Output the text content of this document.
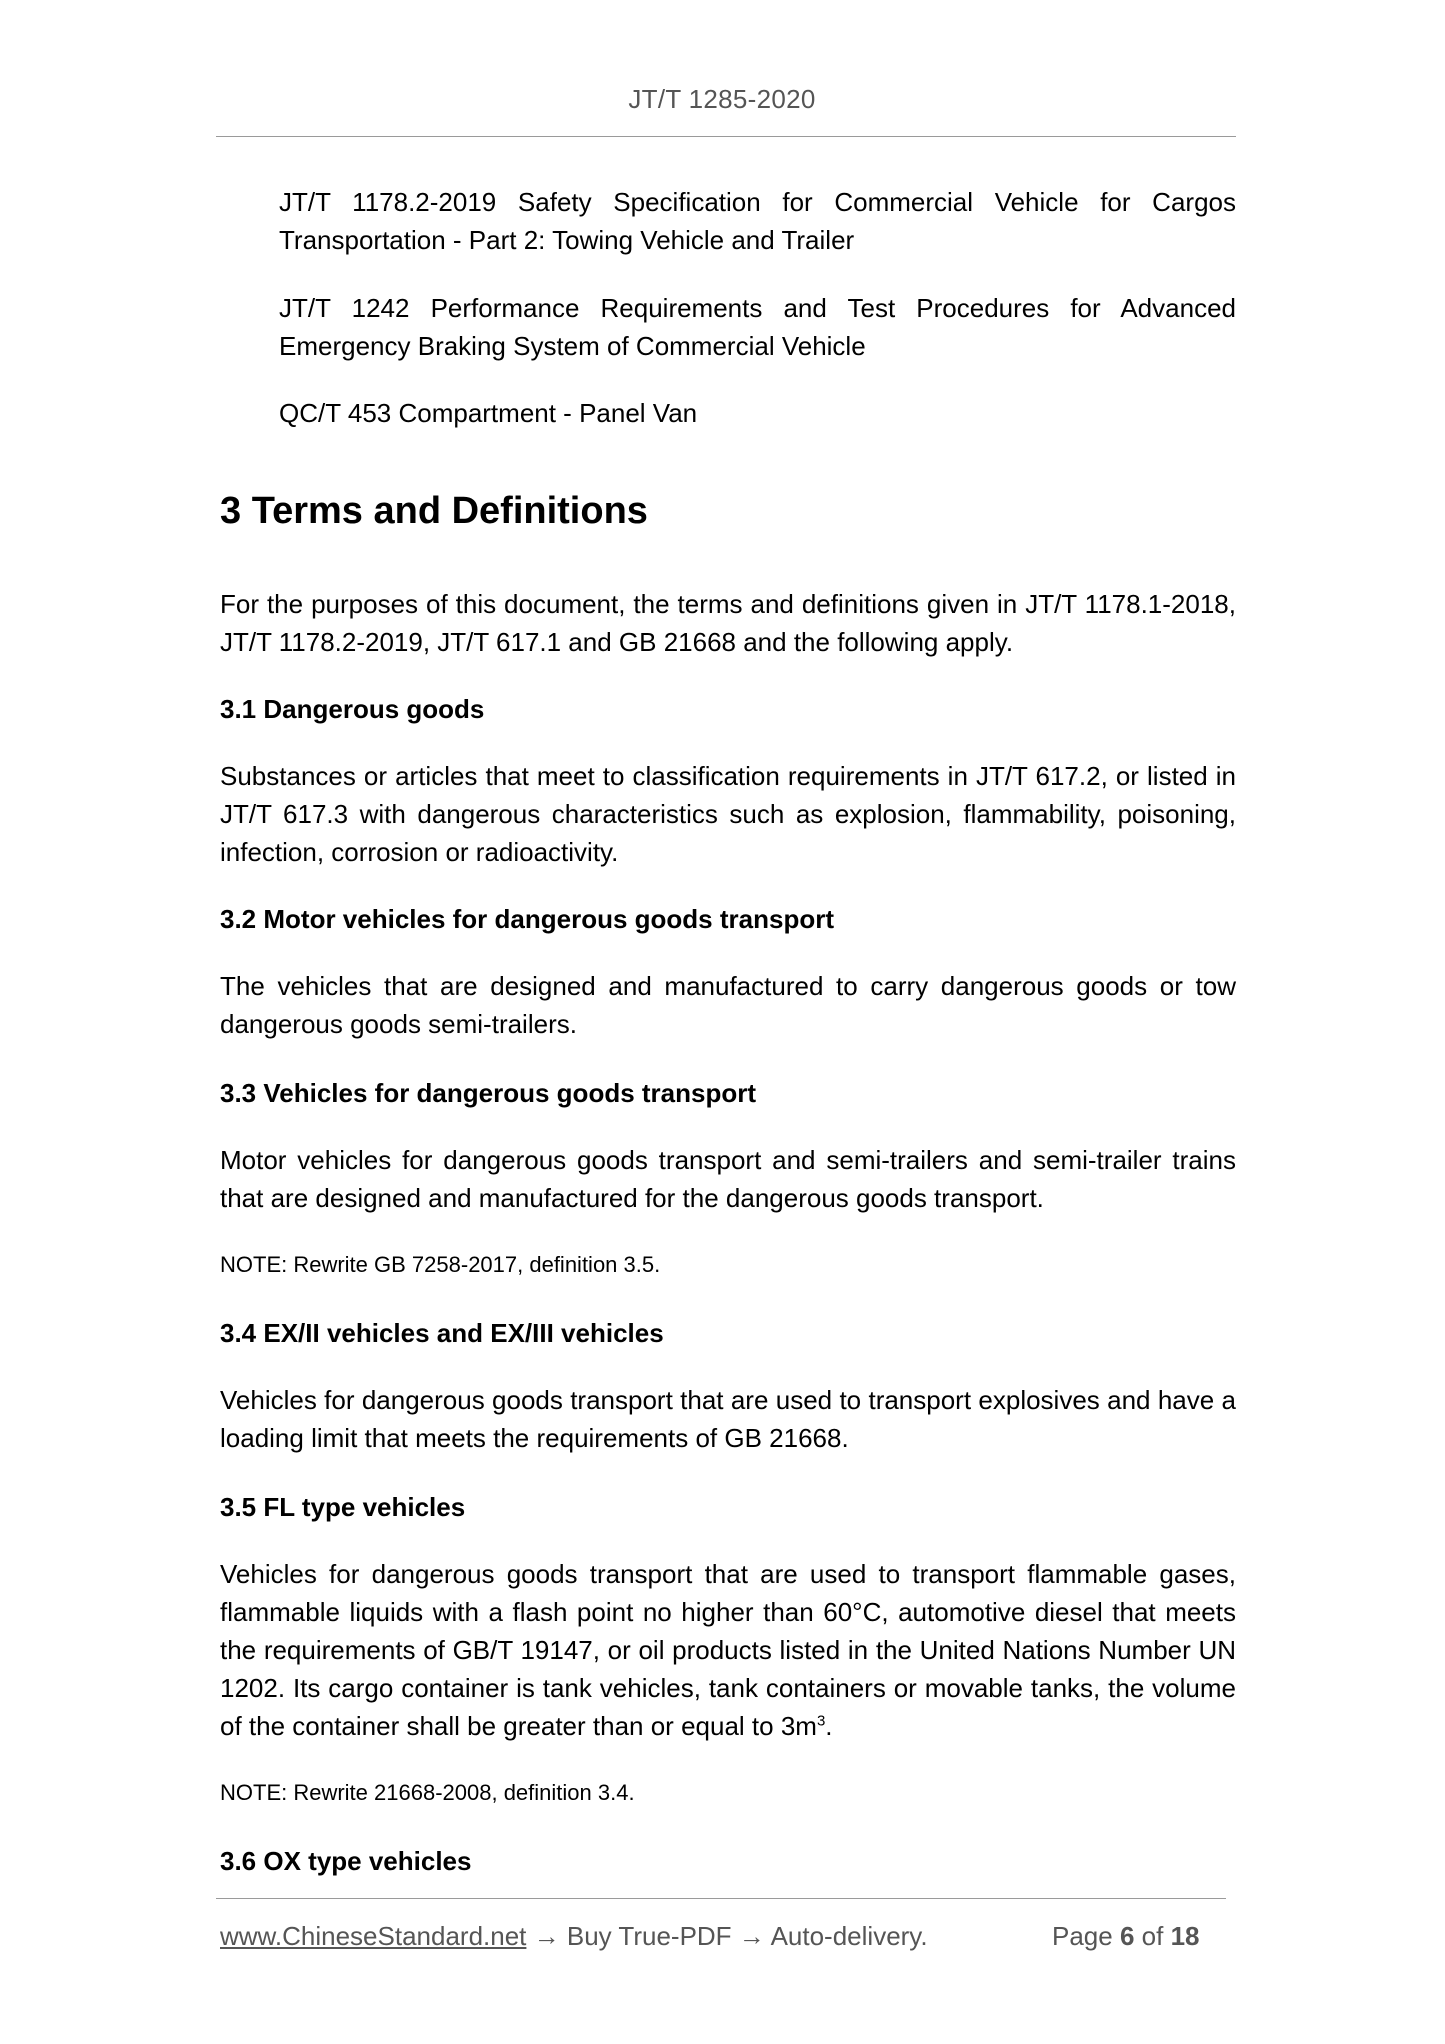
JT/T 1285-2020
JT/T 1178.2-2019 Safety Specification for Commercial Vehicle for Cargos Transportation - Part 2: Towing Vehicle and Trailer
JT/T 1242 Performance Requirements and Test Procedures for Advanced Emergency Braking System of Commercial Vehicle
QC/T 453 Compartment - Panel Van
3 Terms and Definitions
For the purposes of this document, the terms and definitions given in JT/T 1178.1-2018, JT/T 1178.2-2019, JT/T 617.1 and GB 21668 and the following apply.
3.1 Dangerous goods
Substances or articles that meet to classification requirements in JT/T 617.2, or listed in JT/T 617.3 with dangerous characteristics such as explosion, flammability, poisoning, infection, corrosion or radioactivity.
3.2 Motor vehicles for dangerous goods transport
The vehicles that are designed and manufactured to carry dangerous goods or tow dangerous goods semi-trailers.
3.3 Vehicles for dangerous goods transport
Motor vehicles for dangerous goods transport and semi-trailers and semi-trailer trains that are designed and manufactured for the dangerous goods transport.
NOTE: Rewrite GB 7258-2017, definition 3.5.
3.4 EX/II vehicles and EX/III vehicles
Vehicles for dangerous goods transport that are used to transport explosives and have a loading limit that meets the requirements of GB 21668.
3.5 FL type vehicles
Vehicles for dangerous goods transport that are used to transport flammable gases, flammable liquids with a flash point no higher than 60°C, automotive diesel that meets the requirements of GB/T 19147, or oil products listed in the United Nations Number UN 1202. Its cargo container is tank vehicles, tank containers or movable tanks, the volume of the container shall be greater than or equal to $3m^3$.
NOTE: Rewrite 21668-2008, definition 3.4.
3.6 OX type vehicles
www.ChineseStandard.net → Buy True-PDF → Auto-delivery.	Page 6 of 18
